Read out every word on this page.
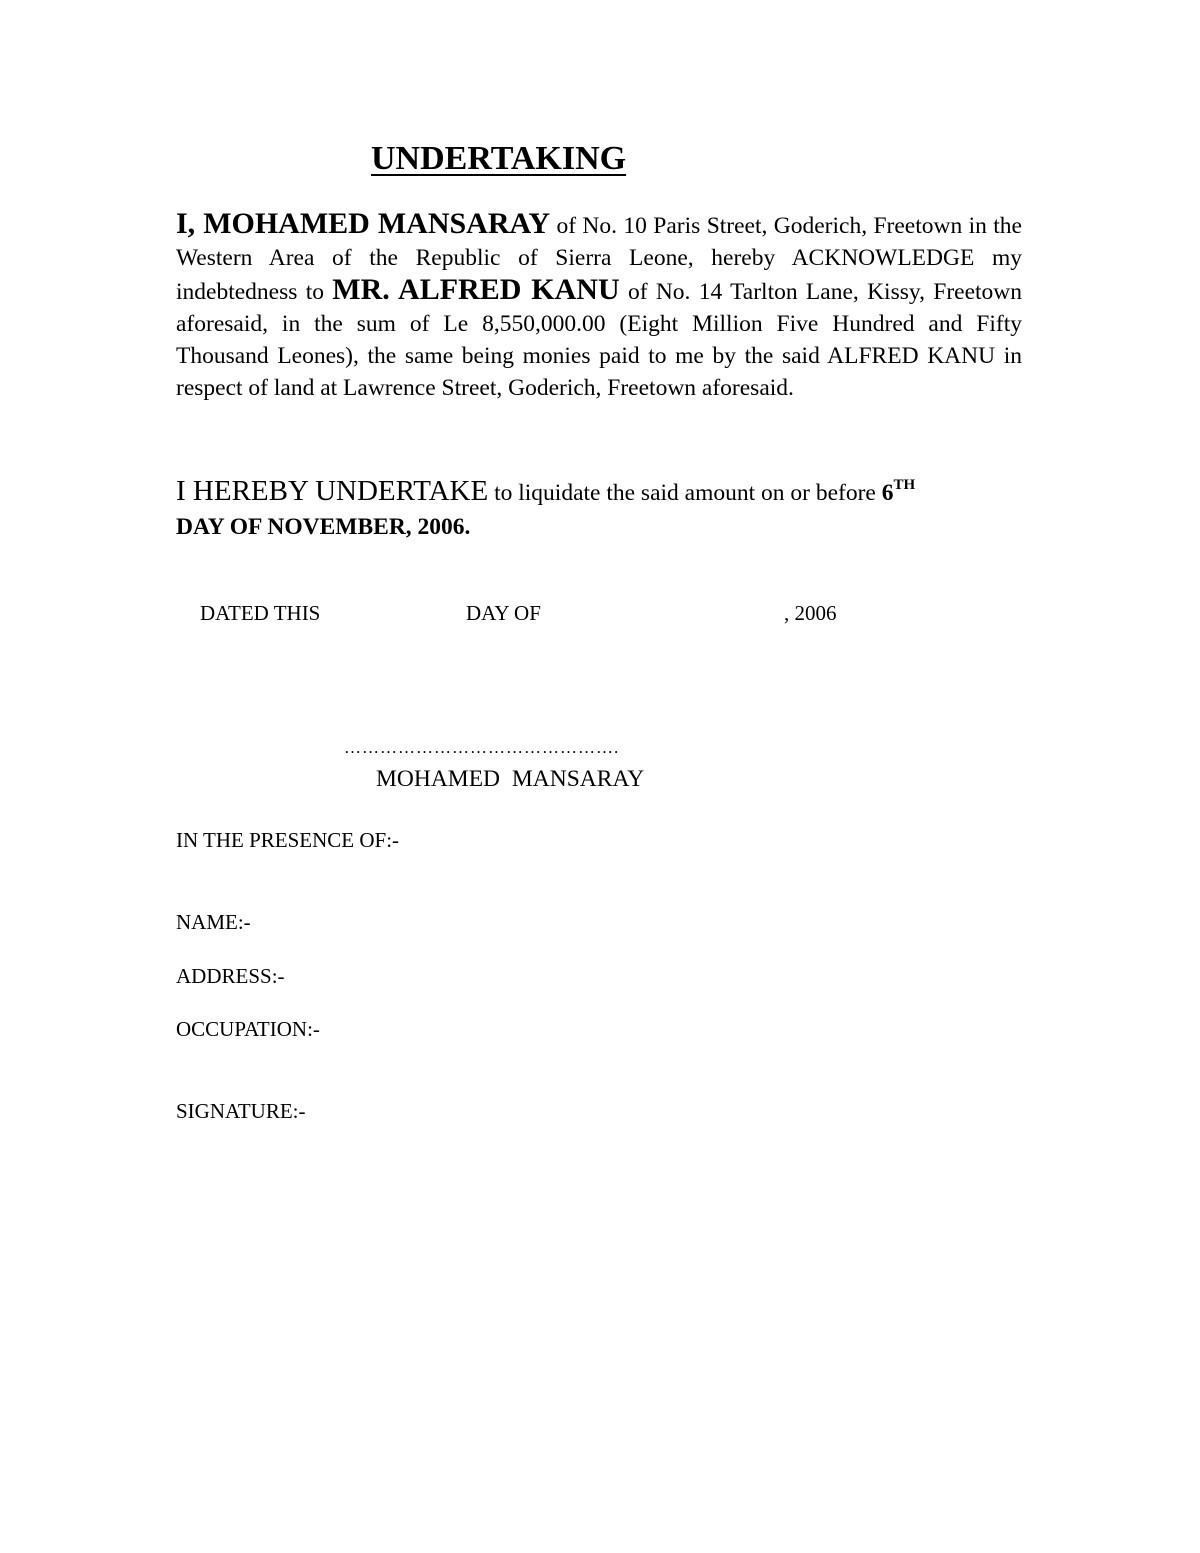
UNDERTAKING
I, MOHAMED MANSARAY of No. 10 Paris Street, Goderich, Freetown in the Western Area of the Republic of Sierra Leone, hereby ACKNOWLEDGE my indebtedness to MR. ALFRED KANU of No. 14 Tarlton Lane, Kissy, Freetown aforesaid, in the sum of Le 8,550,000.00 (Eight Million Five Hundred and Fifty Thousand Leones), the same being monies paid to me by the said ALFRED KANU in respect of land at Lawrence Street, Goderich, Freetown aforesaid.
I HEREBY UNDERTAKE to liquidate the said amount on or before 6TH
DAY OF NOVEMBER, 2006.
DATED THIS	DAY OF	, 2006
……………………………………….
MOHAMED MANSARAY
IN THE PRESENCE OF:-
NAME:-
ADDRESS:-
OCCUPATION:-
SIGNATURE:-
